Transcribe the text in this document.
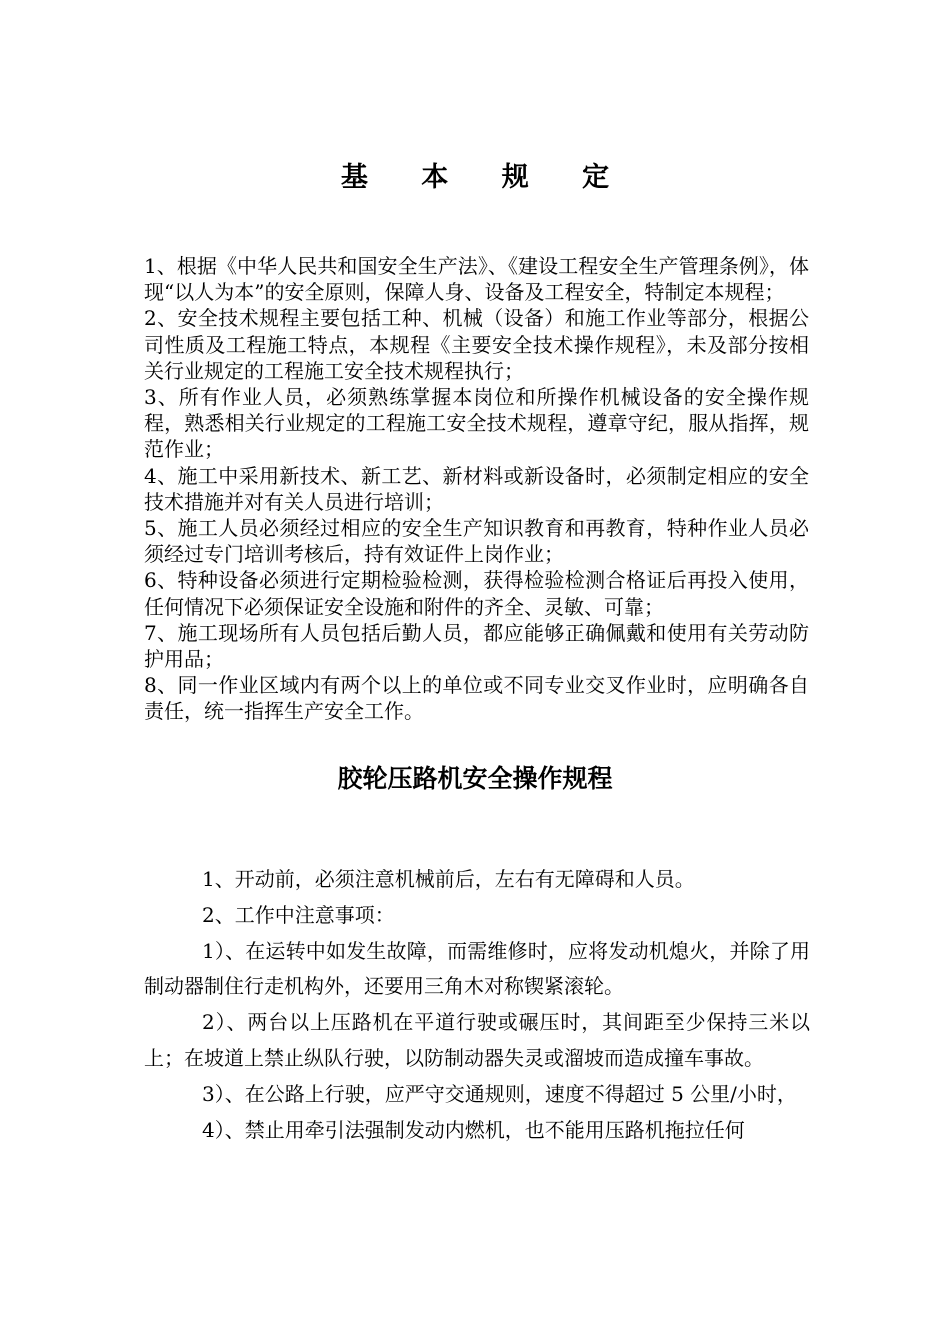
基 本 规 定

1、根据《中华人民共和国安全生产法》、《建设工程安全生产管理条例》，体现“以人为本”的安全原则，保障人身、设备及工程安全，特制定本规程；

2、安全技术规程主要包括工种、机械（设备）和施工作业等部分，根据公司性质及工程施工特点，本规程《主要安全技术操作规程》，未及部分按相关行业规定的工程施工安全技术规程执行；

3、所有作业人员，必须熟练掌握本岗位和所操作机械设备的安全操作规程，熟悉相关行业规定的工程施工安全技术规程，遵章守纪，服从指挥，规范作业；

4、施工中采用新技术、新工艺、新材料或新设备时，必须制定相应的安全技术措施并对有关人员进行培训；

5、施工人员必须经过相应的安全生产知识教育和再教育，特种作业人员必须经过专门培训考核后，持有效证件上岗作业；

6、特种设备必须进行定期检验检测，获得检验检测合格证后再投入使用，任何情况下必须保证安全设施和附件的齐全、灵敏、可靠；

7、施工现场所有人员包括后勤人员，都应能够正确佩戴和使用有关劳动防护用品；

8、同一作业区域内有两个以上的单位或不同专业交叉作业时，应明确各自责任，统一指挥生产安全工作。

胶轮压路机安全操作规程

1、开动前，必须注意机械前后，左右有无障碍和人员。

2、工作中注意事项：

1）、在运转中如发生故障，而需维修时，应将发动机熄火，并除了用制动器制住行走机构外，还要用三角木对称锲紧滚轮。

2）、两台以上压路机在平道行驶或碾压时，其间距至少保持三米以上；在坡道上禁止纵队行驶，以防制动器失灵或溜坡而造成撞车事故。

3）、在公路上行驶，应严守交通规则，速度不得超过 5 公里/小时，

4）、禁止用牵引法强制发动内燃机，也不能用压路机拖拉任何
